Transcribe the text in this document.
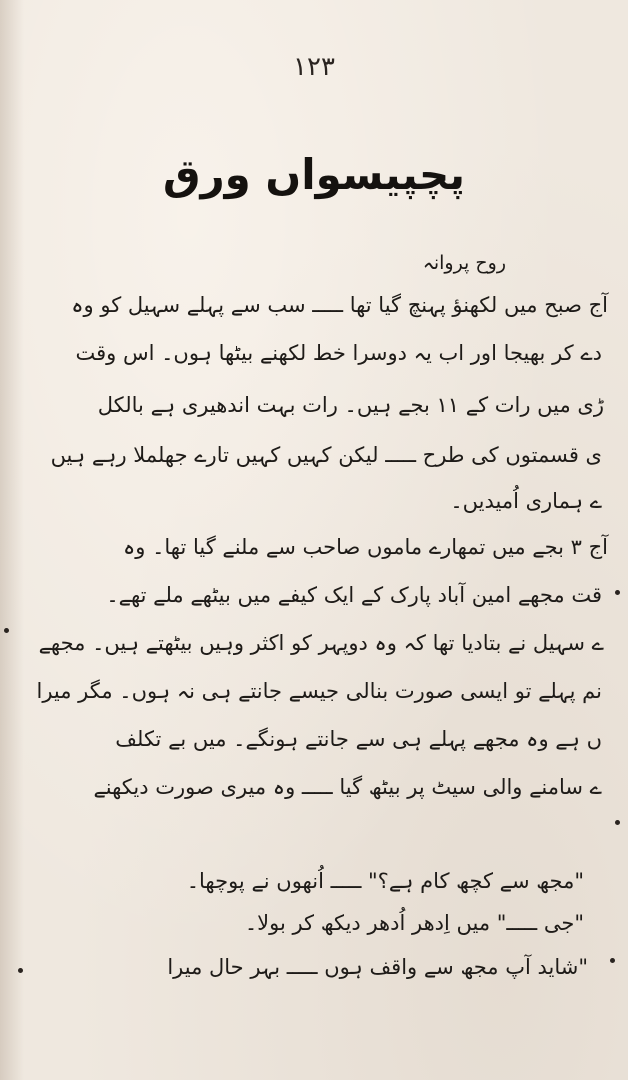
۱۲۳
پچپیسواں ورق
روح پروانہ
آج صبح میں لکھنؤ پہنچ گیا تھا ـــــ سب سے پہلے سہیل کو وہ
دے کر بھیجا اور اب یہ دوسرا خط لکھنے بیٹھا ہوں۔ اس وقت
ڑی میں رات کے ۱۱ بجے ہیں۔ رات بہت اندھیری ہے بالکل
ی قسمتوں کی طرح ـــــ لیکن کہیں کہیں تارے جھلملا رہے ہیں
ے ہماری اُمیدیں۔
آج ۳ بجے میں تمھارے ماموں صاحب سے ملنے گیا تھا۔ وہ
قت مجھے امین آباد پارک کے ایک کیفے میں بیٹھے ملے تھے۔
ے سہیل نے بتادیا تھا کہ وہ دوپہر کو اکثر وہیں بیٹھتے ہیں۔ مجھے
نم پہلے تو ایسی صورت بنالی جیسے جانتے ہی نہ ہوں۔ مگر میرا
ں ہے وہ مجھے پہلے ہی سے جانتے ہونگے۔ میں بے تکلف
ے سامنے والی سیٹ پر بیٹھ گیا ـــــ وہ میری صورت دیکھنے
"مجھ سے کچھ کام ہے؟" ـــــ اُنھوں نے پوچھا۔
"جی ـــــ" میں اِدھر اُدھر دیکھ کر بولا۔
"شاید آپ مجھ سے واقف ہوں ـــــ بہر حال میرا
